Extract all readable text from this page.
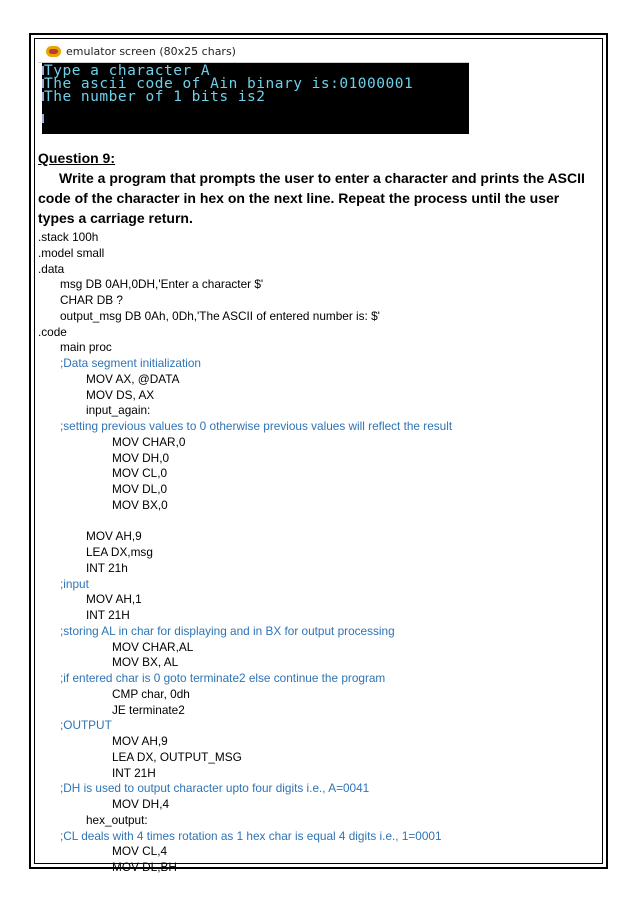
emulator screen (80x25 chars)
Type a character A
The ascii code of Ain binary is:01000001
The number of 1 bits is2
Question 9:

Write a program that prompts the user to enter a character and prints the ASCII code of the character in hex on the next line. Repeat the process until the user types a carriage return.

.stack 100h
.model small
.data
msg DB 0AH,0DH,'Enter a character $'
CHAR DB ?
output_msg DB 0Ah, 0Dh,'The ASCII of entered number is: $'
.code
main proc
;Data segment initialization
MOV AX, @DATA
MOV DS, AX
input_again:
;setting previous values to 0 otherwise previous values will reflect the result
MOV CHAR,0
MOV DH,0
MOV CL,0
MOV DL,0
MOV BX,0
MOV AH,9
LEA DX,msg
INT 21h
;input
MOV AH,1
INT 21H
;storing AL in char for displaying and in BX for output processing
MOV CHAR,AL
MOV BX, AL
;if entered char is 0 goto terminate2 else continue the program
CMP char, 0dh
JE terminate2
;OUTPUT
MOV AH,9
LEA DX, OUTPUT_MSG
INT 21H
;DH is used to output character upto four digits i.e., A=0041
MOV DH,4
hex_output:
;CL deals with 4 times rotation as 1 hex char is equal 4 digits i.e., 1=0001
MOV CL,4
MOV DL,BH
